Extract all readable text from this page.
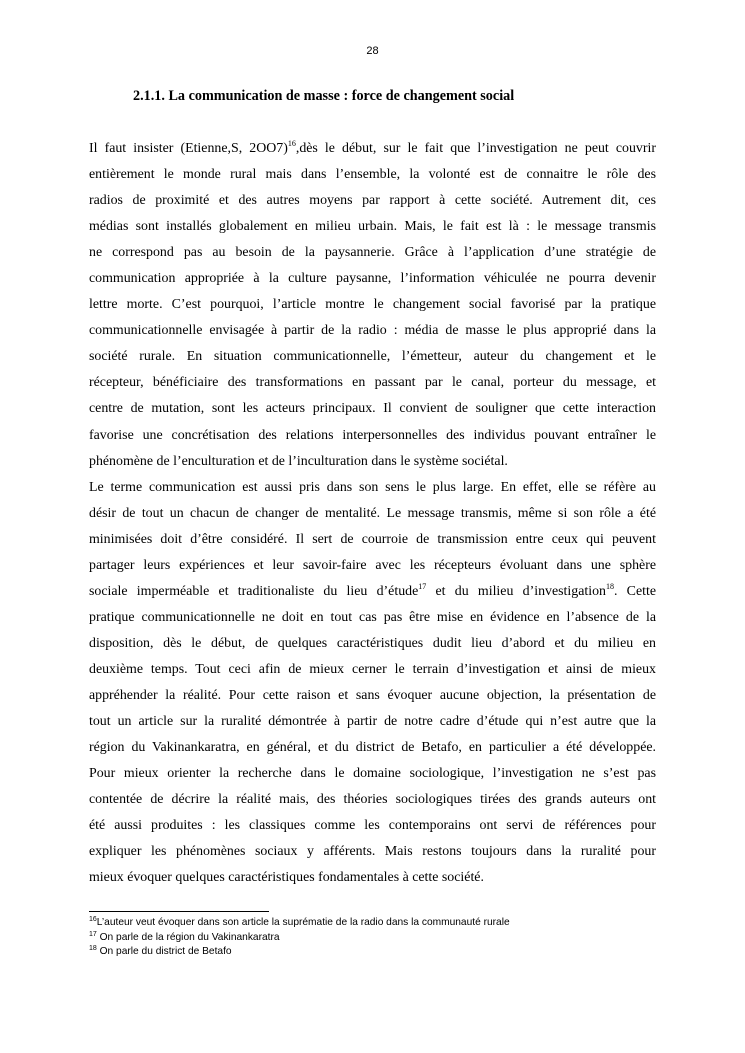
28
2.1.1. La communication de masse : force de changement social

Il faut insister (Etienne,S, 2OO7)$^{16}$,dès le début, sur le fait que l’investigation ne peut couvrir
entièrement le monde rural mais dans l’ensemble, la volonté est de connaitre le rôle des
radios de proximité et des autres moyens par rapport à cette société. Autrement dit, ces
médias sont installés globalement en milieu urbain. Mais, le fait est là : le message transmis
ne correspond pas au besoin de la paysannerie. Grâce à l’application d’une stratégie de
communication appropriée à la culture paysanne, l’information véhiculée ne pourra devenir
lettre morte. C’est pourquoi, l’article montre le changement social favorisé par la pratique
communicationnelle envisagée à partir de la radio : média de masse le plus approprié dans la
société rurale. En situation communicationnelle, l’émetteur, auteur du changement et le
récepteur, bénéficiaire des transformations en passant par le canal, porteur du message, et
centre de mutation, sont les acteurs principaux. Il convient de souligner que cette interaction
favorise une concrétisation des relations interpersonnelles des individus pouvant entraîner le
phénomène de l’enculturation et de l’inculturation dans le système sociétal.

Le terme communication est aussi pris dans son sens le plus large. En effet, elle se réfère au
désir de tout un chacun de changer de mentalité. Le message transmis, même si son rôle a été
minimisées doit d’être considéré. Il sert de courroie de transmission entre ceux qui peuvent
partager leurs expériences et leur savoir-faire avec les récepteurs évoluant dans une sphère
sociale imperméable et traditionaliste du lieu d’étude$^{17}$ et du milieu d’investigation$^{18}$. Cette
pratique communicationnelle ne doit en tout cas pas être mise en évidence en l’absence de la
disposition, dès le début, de quelques caractéristiques dudit lieu d’abord et du milieu en
deuxième temps. Tout ceci afin de mieux cerner le terrain d’investigation et ainsi de mieux
appréhender la réalité. Pour cette raison et sans évoquer aucune objection, la présentation de
tout un article sur la ruralité démontrée à partir de notre cadre d’étude qui n’est autre que la
région du Vakinankaratra, en général, et du district de Betafo, en particulier a été développée.
Pour mieux orienter la recherche dans le domaine sociologique, l’investigation ne s’est pas
contentée de décrire la réalité mais, des théories sociologiques tirées des grands auteurs ont
été aussi produites : les classiques comme les contemporains ont servi de références pour
expliquer les phénomènes sociaux y afférents. Mais restons toujours dans la ruralité pour
mieux évoquer quelques caractéristiques fondamentales à cette société.

$^{16}$L’auteur veut évoquer dans son article la suprématie de la radio dans la communauté rurale
$^{17}$ On parle de la région du Vakinankaratra
$^{18}$ On parle du district de Betafo
